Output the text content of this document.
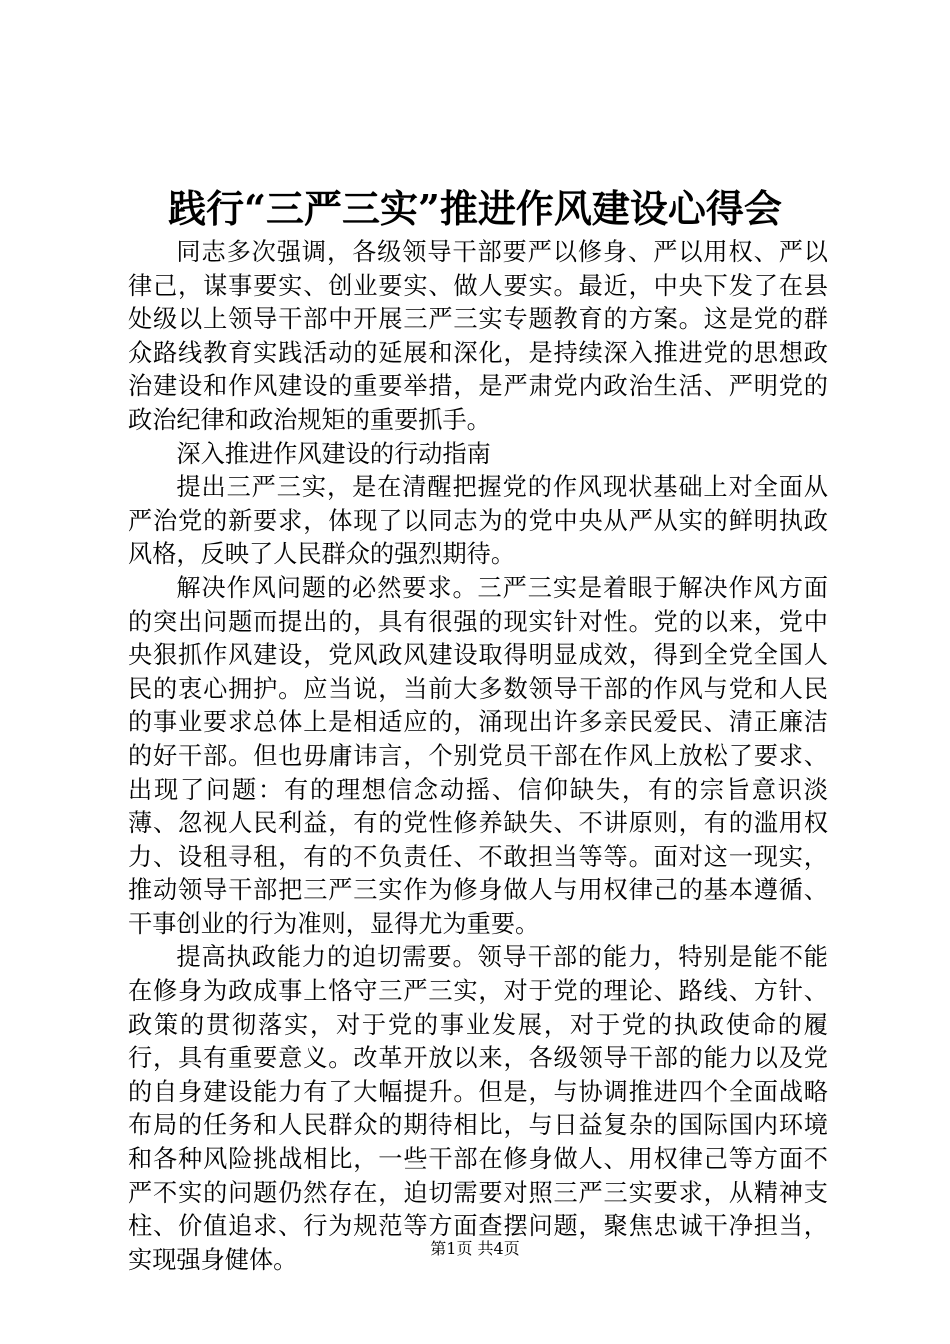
践行“三严三实”推进作风建设心得会

同志多次强调，各级领导干部要严以修身、严以用权、严以律己，谋事要实、创业要实、做人要实。最近，中央下发了在县处级以上领导干部中开展三严三实专题教育的方案。这是党的群众路线教育实践活动的延展和深化，是持续深入推进党的思想政治建设和作风建设的重要举措，是严肃党内政治生活、严明党的政治纪律和政治规矩的重要抓手。

深入推进作风建设的行动指南

提出三严三实，是在清醒把握党的作风现状基础上对全面从严治党的新要求，体现了以同志为的党中央从严从实的鲜明执政风格，反映了人民群众的强烈期待。

解决作风问题的必然要求。三严三实是着眼于解决作风方面的突出问题而提出的，具有很强的现实针对性。党的以来，党中央狠抓作风建设，党风政风建设取得明显成效，得到全党全国人民的衷心拥护。应当说，当前大多数领导干部的作风与党和人民的事业要求总体上是相适应的，涌现出许多亲民爱民、清正廉洁的好干部。但也毋庸讳言，个别党员干部在作风上放松了要求、出现了问题：有的理想信念动摇、信仰缺失，有的宗旨意识淡薄、忽视人民利益，有的党性修养缺失、不讲原则，有的滥用权力、设租寻租，有的不负责任、不敢担当等等。面对这一现实，推动领导干部把三严三实作为修身做人与用权律己的基本遵循、干事创业的行为准则，显得尤为重要。

提高执政能力的迫切需要。领导干部的能力，特别是能不能在修身为政成事上恪守三严三实，对于党的理论、路线、方针、政策的贯彻落实，对于党的事业发展，对于党的执政使命的履行，具有重要意义。改革开放以来，各级领导干部的能力以及党的自身建设能力有了大幅提升。但是，与协调推进四个全面战略布局的任务和人民群众的期待相比，与日益复杂的国际国内环境和各种风险挑战相比，一些干部在修身做人、用权律己等方面不严不实的问题仍然存在，迫切需要对照三严三实要求，从精神支柱、价值追求、行为规范等方面查摆问题，聚焦忠诚干净担当，实现强身健体。	第1页 共4页
